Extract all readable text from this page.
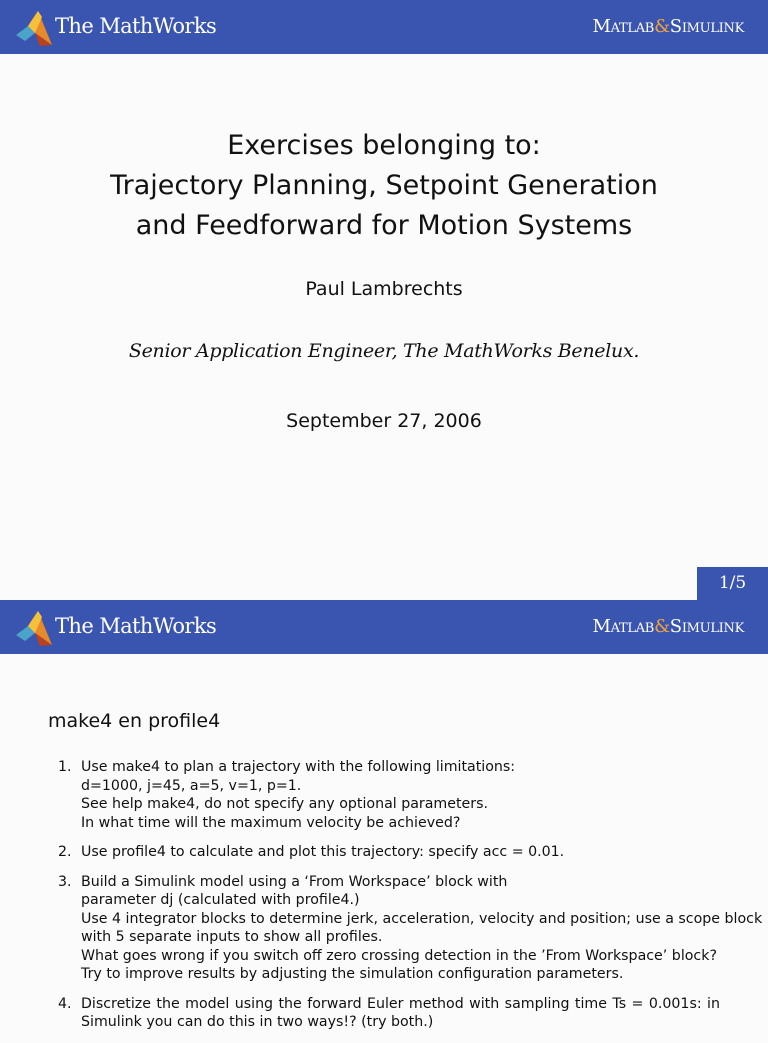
The MathWorks	Matlab&Simulink
Exercises belonging to:
Trajectory Planning, Setpoint Generation
and Feedforward for Motion Systems
Paul Lambrechts
Senior Application Engineer, The MathWorks Benelux.
September 27, 2006
1/5
The MathWorks	Matlab&Simulink
make4 en profile4
1. Use make4 to plan a trajectory with the following limitations:
d=1000, j=45, a=5, v=1, p=1.
See help make4, do not specify any optional parameters.
In what time will the maximum velocity be achieved?
2. Use profile4 to calculate and plot this trajectory: specify acc = 0.01.
3. Build a Simulink model using a ‘From Workspace’ block with
parameter dj (calculated with profile4.)
Use 4 integrator blocks to determine jerk, acceleration, velocity and position; use a scope block
with 5 separate inputs to show all profiles.
What goes wrong if you switch off zero crossing detection in the ’From Workspace’ block?
Try to improve results by adjusting the simulation configuration parameters.
4. Discretize the model using the forward Euler method with sampling time Ts = 0.001s: in
Simulink you can do this in two ways!? (try both.)
